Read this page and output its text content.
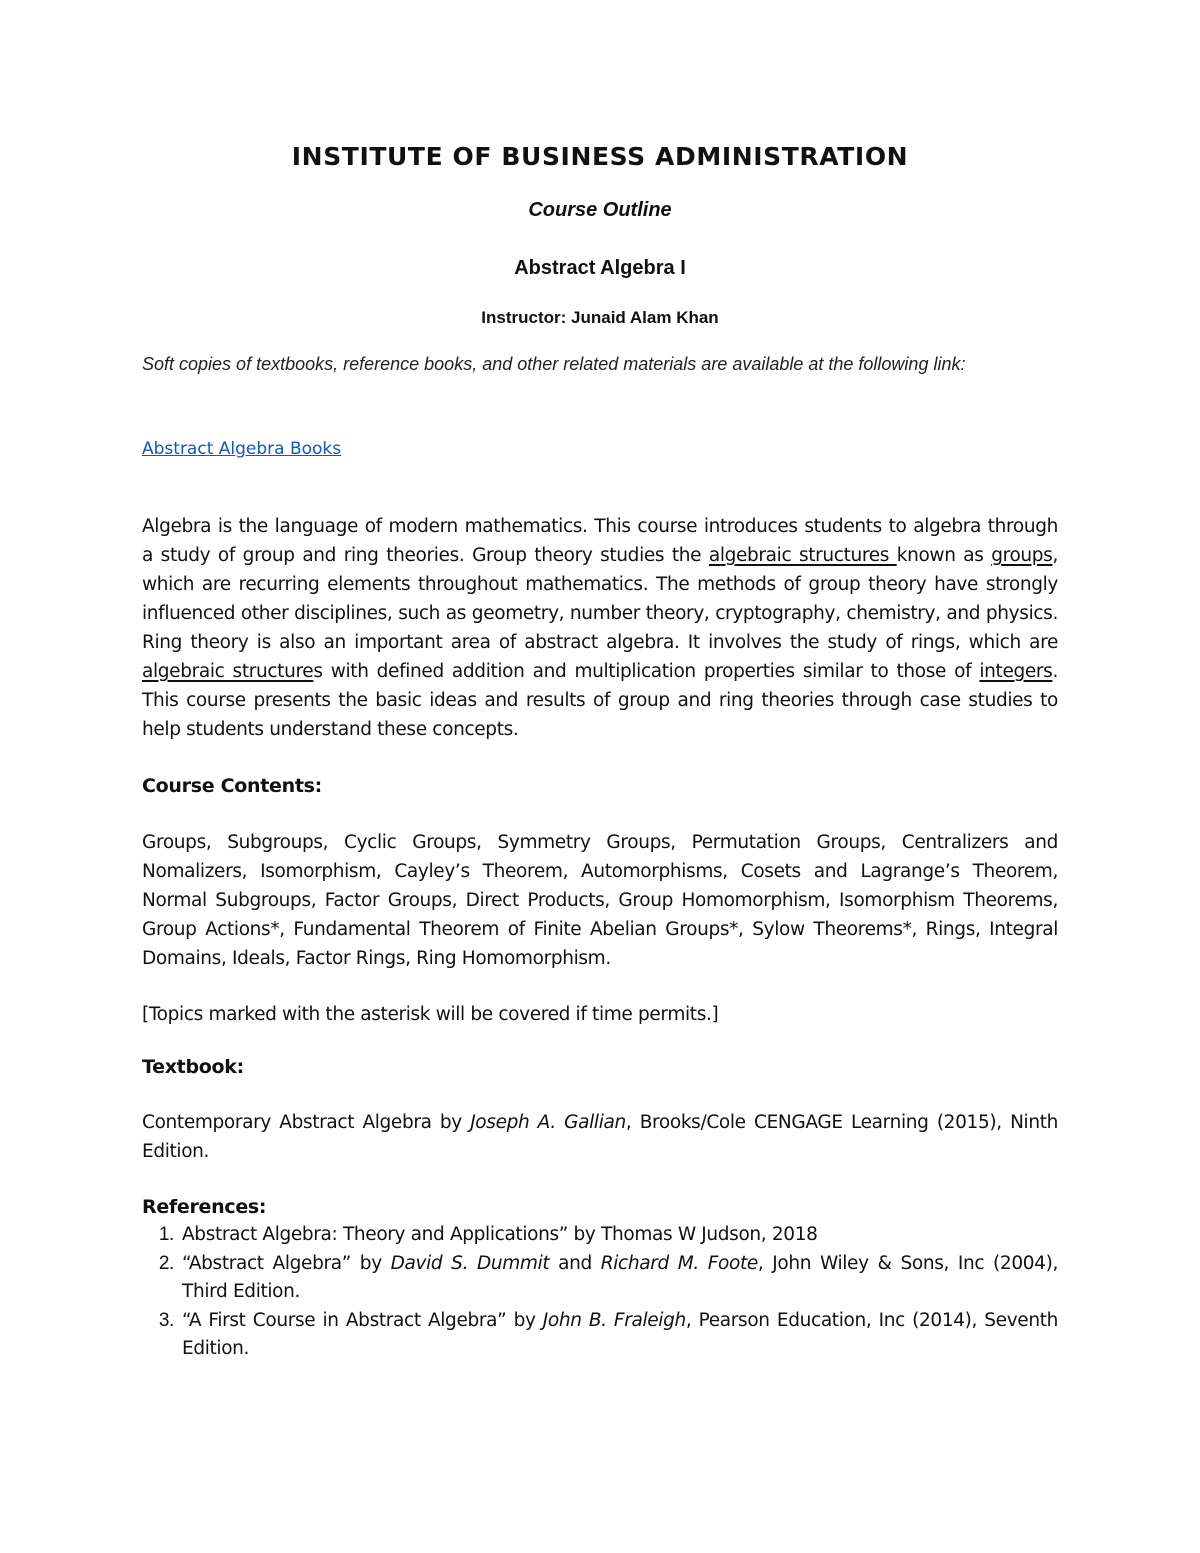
INSTITUTE OF BUSINESS ADMINISTRATION

Course Outline

Abstract Algebra I

Instructor: Junaid Alam Khan

Soft copies of textbooks, reference books, and other related materials are available at the following link:

Abstract Algebra Books

Algebra is the language of modern mathematics. This course introduces students to algebra through a study of group and ring theories. Group theory studies the algebraic structures known as groups, which are recurring elements throughout mathematics. The methods of group theory have strongly influenced other disciplines, such as geometry, number theory, cryptography, chemistry, and physics. Ring theory is also an important area of abstract algebra. It involves the study of rings, which are algebraic structures with defined addition and multiplication properties similar to those of integers. This course presents the basic ideas and results of group and ring theories through case studies to help students understand these concepts.

Course Contents:

Groups, Subgroups, Cyclic Groups, Symmetry Groups, Permutation Groups, Centralizers and Nomalizers, Isomorphism, Cayley’s Theorem, Automorphisms, Cosets and Lagrange’s Theorem, Normal Subgroups, Factor Groups, Direct Products, Group Homomorphism, Isomorphism Theorems, Group Actions*, Fundamental Theorem of Finite Abelian Groups*, Sylow Theorems*, Rings, Integral Domains, Ideals, Factor Rings, Ring Homomorphism.

[Topics marked with the asterisk will be covered if time permits.]

Textbook:

Contemporary Abstract Algebra by Joseph A. Gallian, Brooks/Cole CENGAGE Learning (2015), Ninth Edition.

References:
1. Abstract Algebra: Theory and Applications” by Thomas W Judson, 2018
2. “Abstract Algebra” by David S. Dummit and Richard M. Foote, John Wiley & Sons, Inc (2004), Third Edition.
3. “A First Course in Abstract Algebra” by John B. Fraleigh, Pearson Education, Inc (2014), Seventh Edition.
